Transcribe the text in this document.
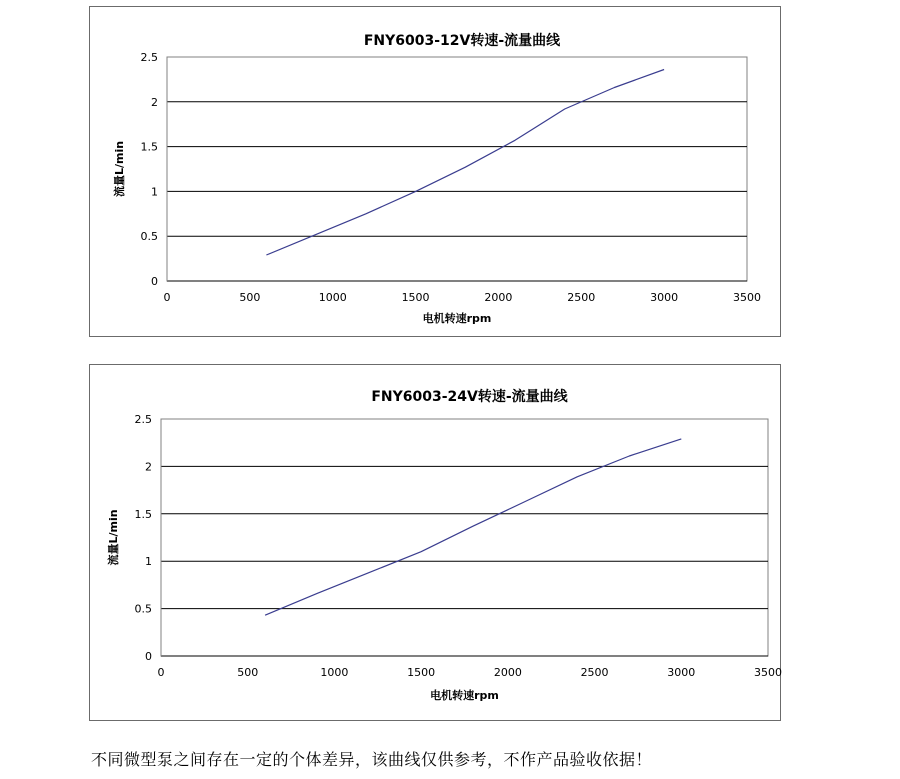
0
0.5
1
1.5
2
2.5
0	500	1000	1500	2000	2500	3000	3500
FNY6003-12V转速-流量曲线
电机转速rpm
流量L/min
0
0.5
1
1.5
2
2.5
0	500	1000	1500	2000	2500	3000	3500
FNY6003-24V转速-流量曲线
电机转速rpm
流量L/min
不同微型泵之间存在一定的个体差异，该曲线仅供参考，不作产品验收依据！
